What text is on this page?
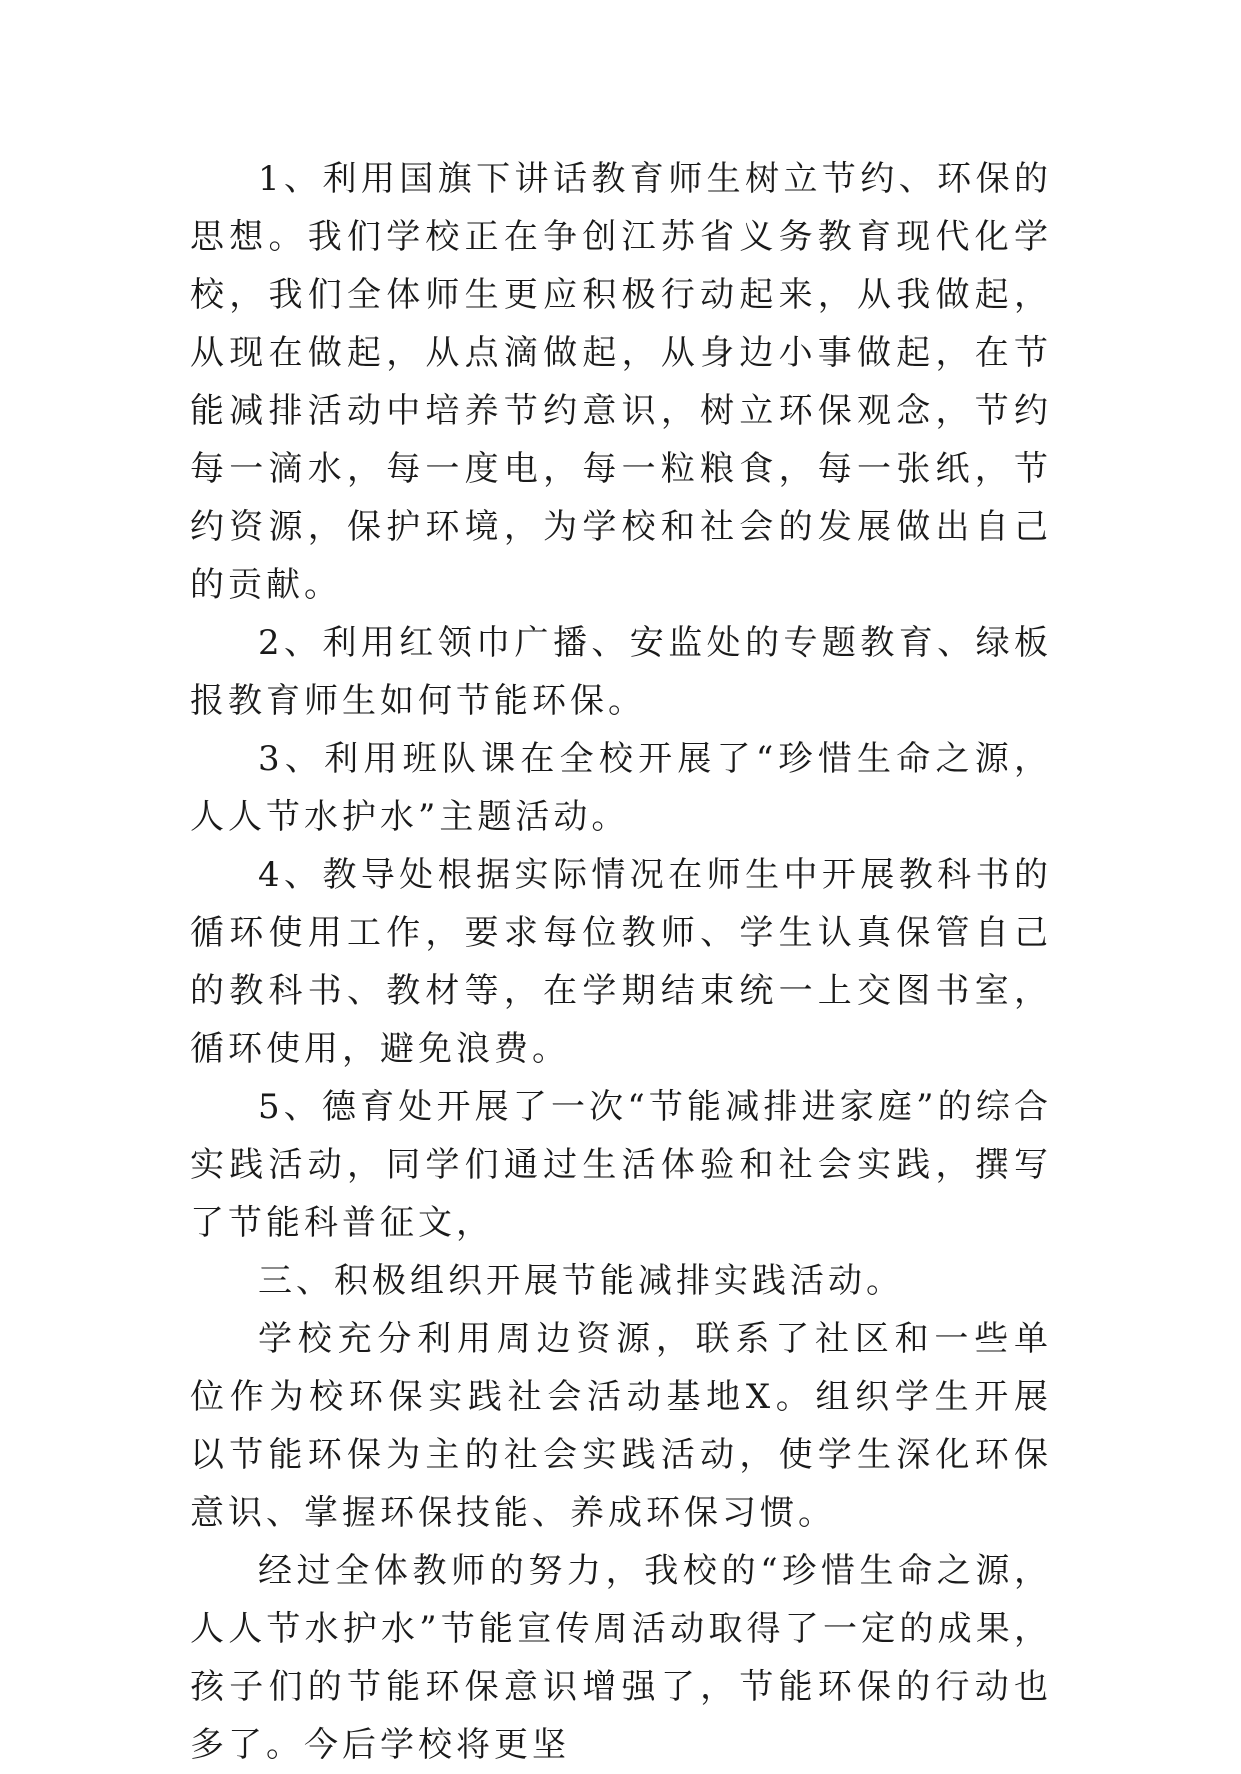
1、利用国旗下讲话教育师生树立节约、环保的思想。我们学校正在争创江苏省义务教育现代化学校，我们全体师生更应积极行动起来，从我做起，从现在做起，从点滴做起，从身边小事做起，在节能减排活动中培养节约意识，树立环保观念，节约每一滴水，每一度电，每一粒粮食，每一张纸，节约资源，保护环境，为学校和社会的发展做出自己的贡献。

2、利用红领巾广播、安监处的专题教育、绿板报教育师生如何节能环保。

3、利用班队课在全校开展了“珍惜生命之源，人人节水护水”主题活动。

4、教导处根据实际情况在师生中开展教科书的循环使用工作，要求每位教师、学生认真保管自己的教科书、教材等，在学期结束统一上交图书室，循环使用，避免浪费。

5、德育处开展了一次“节能减排进家庭”的综合实践活动，同学们通过生活体验和社会实践，撰写了节能科普征文，

三、积极组织开展节能减排实践活动。

学校充分利用周边资源，联系了社区和一些单位作为校环保实践社会活动基地X。组织学生开展以节能环保为主的社会实践活动，使学生深化环保意识、掌握环保技能、养成环保习惯。

经过全体教师的努力，我校的“珍惜生命之源，人人节水护水”节能宣传周活动取得了一定的成果，孩子们的节能环保意识增强了，节能环保的行动也多了。今后学校将更坚
